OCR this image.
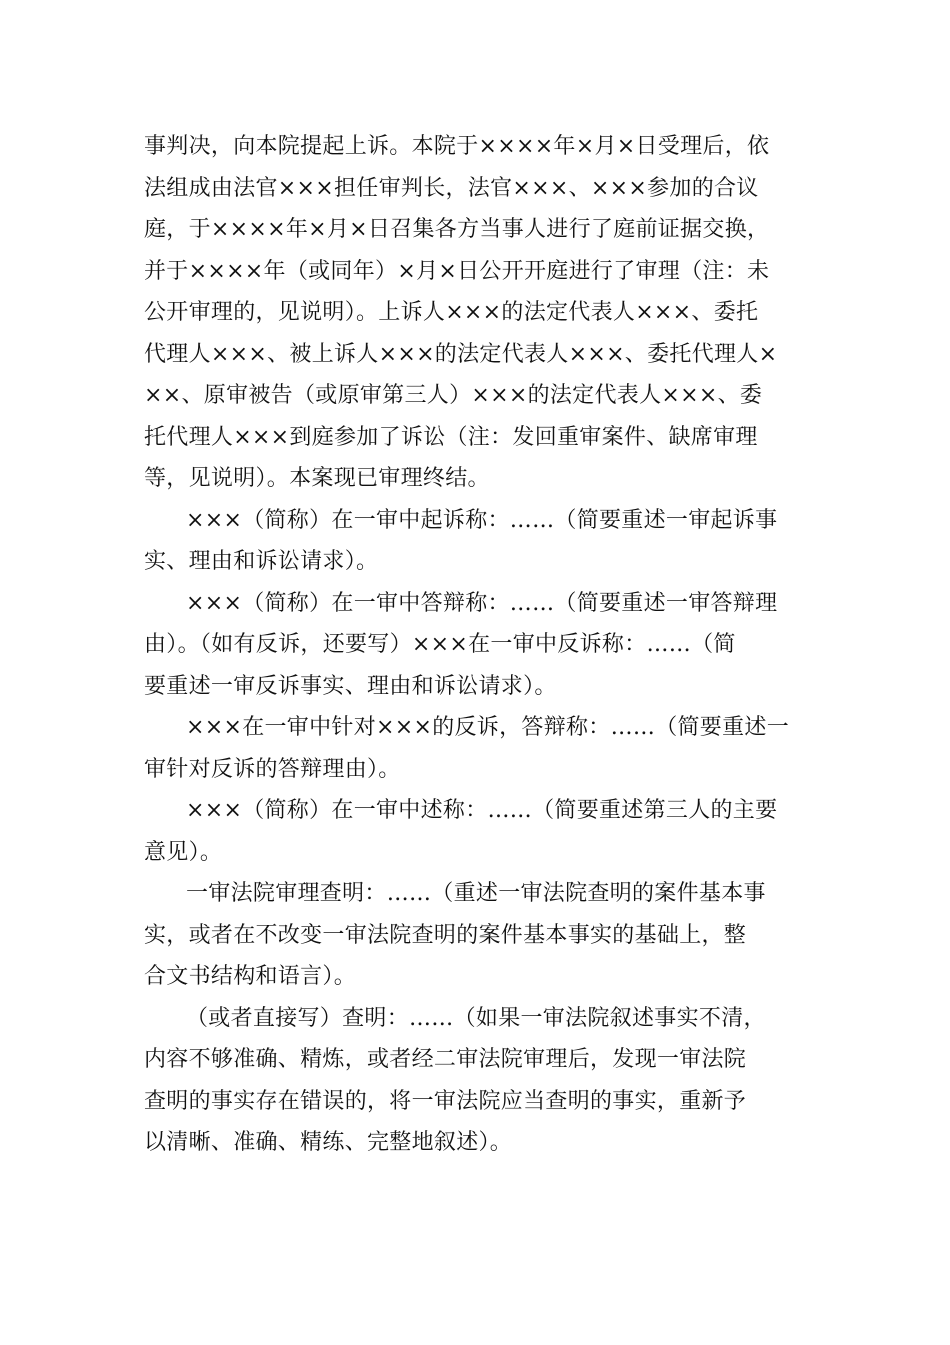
事判决，向本院提起上诉。本院于××××年×月×日受理后，依
法组成由法官×××担任审判长，法官×××、×××参加的合议
庭，于××××年×月×日召集各方当事人进行了庭前证据交换，
并于××××年（或同年）×月×日公开开庭进行了审理（注：未
公开审理的，见说明）。上诉人×××的法定代表人×××、委托
代理人×××、被上诉人×××的法定代表人×××、委托代理人×
××、原审被告（或原审第三人）×××的法定代表人×××、委
托代理人×××到庭参加了诉讼（注：发回重审案件、缺席审理
等，见说明）。本案现已审理终结。
×××（简称）在一审中起诉称：……（简要重述一审起诉事
实、理由和诉讼请求）。
×××（简称）在一审中答辩称：……（简要重述一审答辩理
由）。（如有反诉，还要写）×××在一审中反诉称：……（简
要重述一审反诉事实、理由和诉讼请求）。
×××在一审中针对×××的反诉，答辩称：……（简要重述一
审针对反诉的答辩理由）。
×××（简称）在一审中述称：……（简要重述第三人的主要
意见）。
一审法院审理查明：……（重述一审法院查明的案件基本事
实，或者在不改变一审法院查明的案件基本事实的基础上，整
合文书结构和语言）。
（或者直接写）查明：……（如果一审法院叙述事实不清，
内容不够准确、精炼，或者经二审法院审理后，发现一审法院
查明的事实存在错误的，将一审法院应当查明的事实，重新予
以清晰、准确、精练、完整地叙述）。
